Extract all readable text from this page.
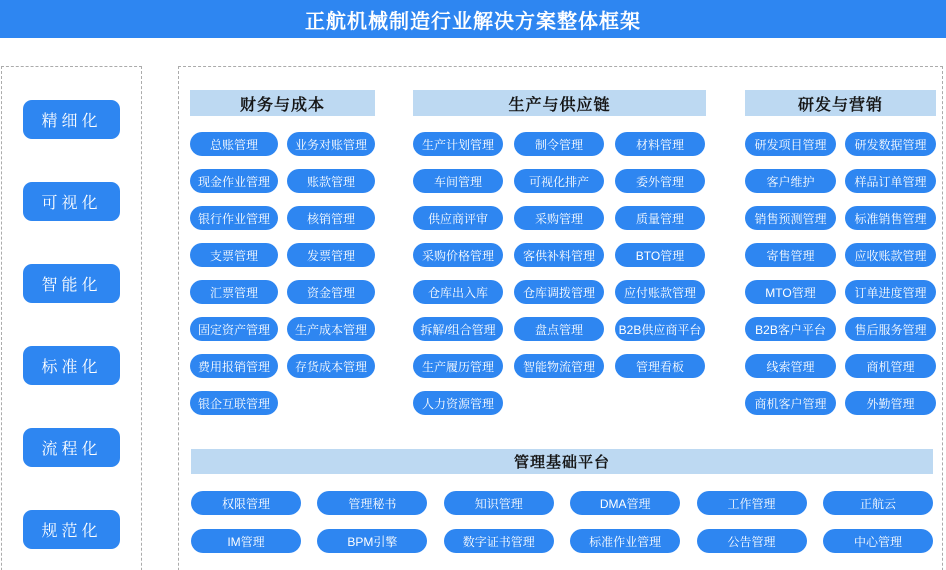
正航机械制造行业解决方案整体框架
精细化
可视化
智能化
标准化
流程化
规范化
财务与成本
总账管理	业务对账管理
现金作业管理	账款管理
银行作业管理	核销管理
支票管理	发票管理
汇票管理	资金管理
固定资产管理	生产成本管理
费用报销管理	存货成本管理
银企互联管理
生产与供应链
生产计划管理	制令管理	材料管理
车间管理	可视化排产	委外管理
供应商评审	采购管理	质量管理
采购价格管理	客供补料管理	BTO管理
仓库出入库	仓库调拨管理	应付账款管理
拆解/组合管理	盘点管理	B2B供应商平台
生产履历管理	智能物流管理	管理看板
人力资源管理
研发与营销
研发项目管理	研发数据管理
客户维护	样品订单管理
销售预测管理	标准销售管理
寄售管理	应收账款管理
MTO管理	订单进度管理
B2B客户平台	售后服务管理
线索管理	商机管理
商机客户管理	外勤管理
管理基础平台
权限管理	管理秘书	知识管理	DMA管理	工作管理	正航云
IM管理	BPM引擎	数字证书管理	标准作业管理	公告管理	中心管理
